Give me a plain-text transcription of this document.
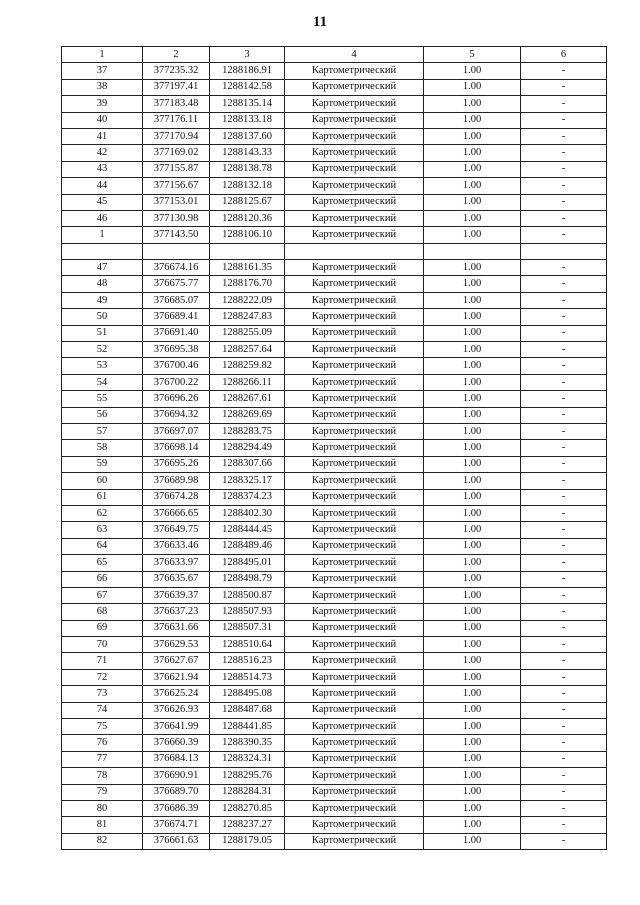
11
1	2	3	4	5	6
37	377235.32	1288186.91	Картометрический	1.00	-
38	377197.41	1288142.58	Картометрический	1.00	-
39	377183.48	1288135.14	Картометрический	1.00	-
40	377176.11	1288133.18	Картометрический	1.00	-
41	377170.94	1288137.60	Картометрический	1.00	-
42	377169.02	1288143.33	Картометрический	1.00	-
43	377155.87	1288138.78	Картометрический	1.00	-
44	377156.67	1288132.18	Картометрический	1.00	-
45	377153.01	1288125.67	Картометрический	1.00	-
46	377130.98	1288120.36	Картометрический	1.00	-
1	377143.50	1288106.10	Картометрический	1.00	-

47	376674.16	1288161.35	Картометрический	1.00	-
48	376675.77	1288176.70	Картометрический	1.00	-
49	376685.07	1288222.09	Картометрический	1.00	-
50	376689.41	1288247.83	Картометрический	1.00	-
51	376691.40	1288255.09	Картометрический	1.00	-
52	376695.38	1288257.64	Картометрический	1.00	-
53	376700.46	1288259.82	Картометрический	1.00	-
54	376700.22	1288266.11	Картометрический	1.00	-
55	376696.26	1288267.61	Картометрический	1.00	-
56	376694.32	1288269.69	Картометрический	1.00	-
57	376697.07	1288283.75	Картометрический	1.00	-
58	376698.14	1288294.49	Картометрический	1.00	-
59	376695.26	1288307.66	Картометрический	1.00	-
60	376689.98	1288325.17	Картометрический	1.00	-
61	376674.28	1288374.23	Картометрический	1.00	-
62	376666.65	1288402.30	Картометрический	1.00	-
63	376649.75	1288444.45	Картометрический	1.00	-
64	376633.46	1288489.46	Картометрический	1.00	-
65	376633.97	1288495.01	Картометрический	1.00	-
66	376635.67	1288498.79	Картометрический	1.00	-
67	376639.37	1288500.87	Картометрический	1.00	-
68	376637.23	1288507.93	Картометрический	1.00	-
69	376631.66	1288507.31	Картометрический	1.00	-
70	376629.53	1288510.64	Картометрический	1.00	-
71	376627.67	1288516.23	Картометрический	1.00	-
72	376621.94	1288514.73	Картометрический	1.00	-
73	376625.24	1288495.08	Картометрический	1.00	-
74	376626.93	1288487.68	Картометрический	1.00	-
75	376641.99	1288441.85	Картометрический	1.00	-
76	376660.39	1288390.35	Картометрический	1.00	-
77	376684.13	1288324.31	Картометрический	1.00	-
78	376690.91	1288295.76	Картометрический	1.00	-
79	376689.70	1288284.31	Картометрический	1.00	-
80	376686.39	1288270.85	Картометрический	1.00	-
81	376674.71	1288237.27	Картометрический	1.00	-
82	376661.63	1288179.05	Картометрический	1.00	-
